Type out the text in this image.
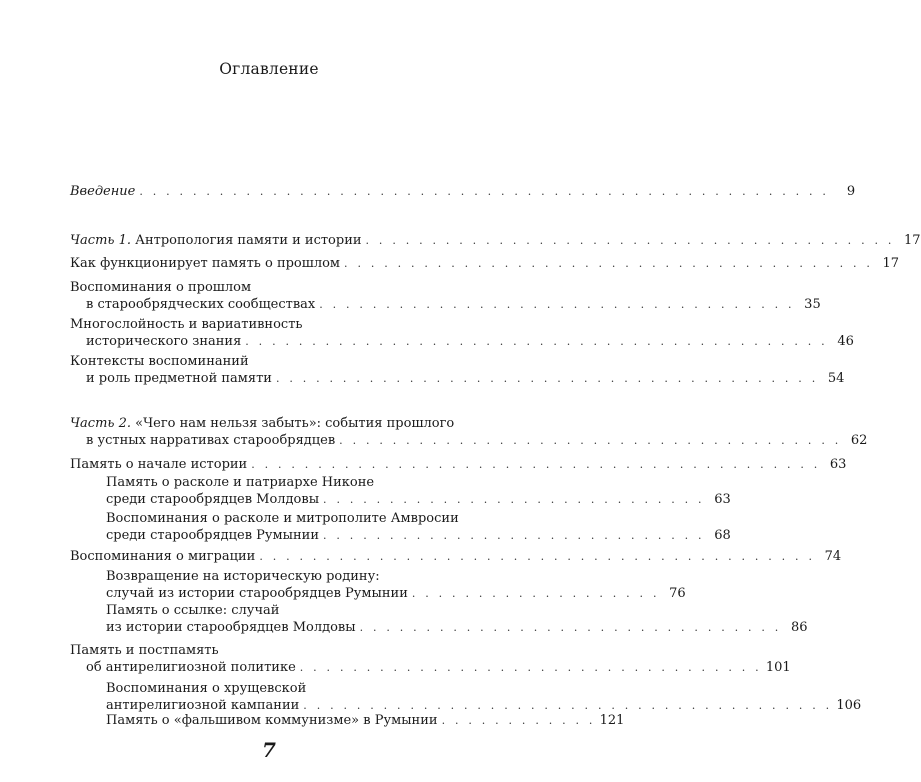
Оглавление
Введение . . . . . . . . . . . . . . . . . . . . . . . . . . . . . . . . . . . . . . . . . . . . . . . . . . . .	9
Часть 1. Антропология памяти и истории . . . . . . . . . . . . . . . . . . . . . . . . . . . . . . . . . . . . . . . . 17
Как функционирует память о прошлом . . . . . . . . . . . . . . . . . . . . . . . . . . . . . . . . . . . . . . . . 17
Воспоминания о прошлом
в старообрядческих сообществах . . . . . . . . . . . . . . . . . . . . . . . . . . . . . . . . . . . . 35
Многослойность и вариативность
исторического знания . . . . . . . . . . . . . . . . . . . . . . . . . . . . . . . . . . . . . . . . . . . . 46
Контексты воспоминаний
и роль предметной памяти . . . . . . . . . . . . . . . . . . . . . . . . . . . . . . . . . . . . . . . . . 54
Часть 2. «Чего нам нельзя забыть»: события прошлого
в устных нарративах старообрядцев . . . . . . . . . . . . . . . . . . . . . . . . . . . . . . . . . . . . . . 62
Память о начале истории . . . . . . . . . . . . . . . . . . . . . . . . . . . . . . . . . . . . . . . . . . . 63
Память о расколе и патриархе Никоне
среди старообрядцев Молдовы . . . . . . . . . . . . . . . . . . . . . . . . . . . . . 63
Воспоминания о расколе и митрополите Амвросии
среди старообрядцев Румынии . . . . . . . . . . . . . . . . . . . . . . . . . . . . . 68
Воспоминания о миграции . . . . . . . . . . . . . . . . . . . . . . . . . . . . . . . . . . . . . . . . . . 74
Возвращение на историческую родину:
случай из истории старообрядцев Румынии . . . . . . . . . . . . . . . . . . . 76
Память о ссылке: случай
из истории старообрядцев Молдовы . . . . . . . . . . . . . . . . . . . . . . . . . . . . . . . . 86
Память и постпамять
об антирелигиозной политике . . . . . . . . . . . . . . . . . . . . . . . . . . . . . . . . . . . 101
Воспоминания о хрущевской
антирелигиозной кампании . . . . . . . . . . . . . . . . . . . . . . . . . . . . . . . . . . . . . . . . 106
Память о «фальшивом коммунизме» в Румынии . . . . . . . . . . . . 121
7
